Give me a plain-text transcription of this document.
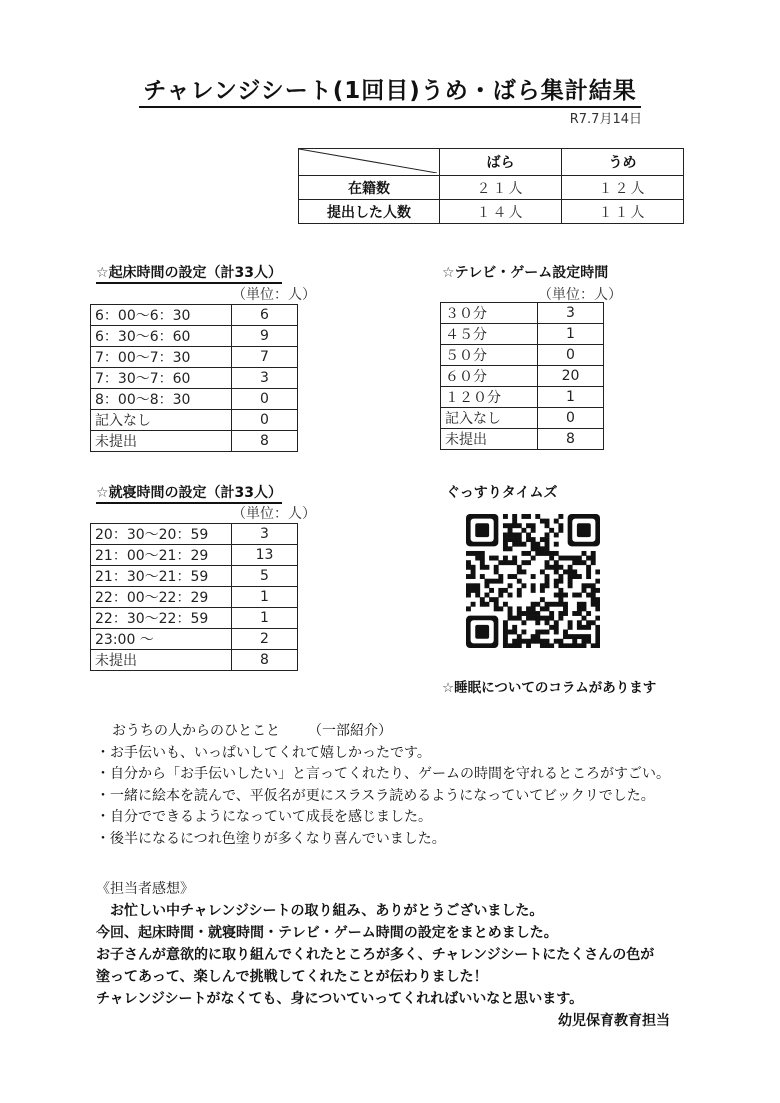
チャレンジシート(1回目)うめ・ばら集計結果
R7.7月14日
	ばら	うめ
在籍数	２１人	１２人
提出した人数	１４人	１１人
☆起床時間の設定（計33人）
（単位：人）
6：00～6：30	6
6：30～6：60	9
7：00～7：30	7
7：30～7：60	3
8：00～8：30	0
記入なし	0
未提出	8
☆テレビ・ゲーム設定時間
（単位：人）
３０分	3
４５分	1
５０分	0
６０分	20
１２０分	1
記入なし	0
未提出	8
☆就寝時間の設定（計33人）
（単位：人）
20：30～20：59	3
21：00～21：29	13
21：30～21：59	5
22：00～22：29	1
22：30～22：59	1
23:00 ～	2
未提出	8
ぐっすりタイムズ
☆睡眠についてのコラムがあります
おうちの人からのひとこと （一部紹介）
・お手伝いも、いっぱいしてくれて嬉しかったです。
・自分から「お手伝いしたい」と言ってくれたり、ゲームの時間を守れるところがすごい。
・一緒に絵本を読んで、平仮名が更にスラスラ読めるようになっていてビックリでした。
・自分でできるようになっていて成長を感じました。
・後半になるにつれ色塗りが多くなり喜んでいました。
《担当者感想》
　お忙しい中チャレンジシートの取り組み、ありがとうございました。
今回、起床時間・就寝時間・テレビ・ゲーム時間の設定をまとめました。
お子さんが意欲的に取り組んでくれたところが多く、チャレンジシートにたくさんの色が
塗ってあって、楽しんで挑戦してくれたことが伝わりました！
チャレンジシートがなくても、身についていってくれればいいなと思います。
幼児保育教育担当
